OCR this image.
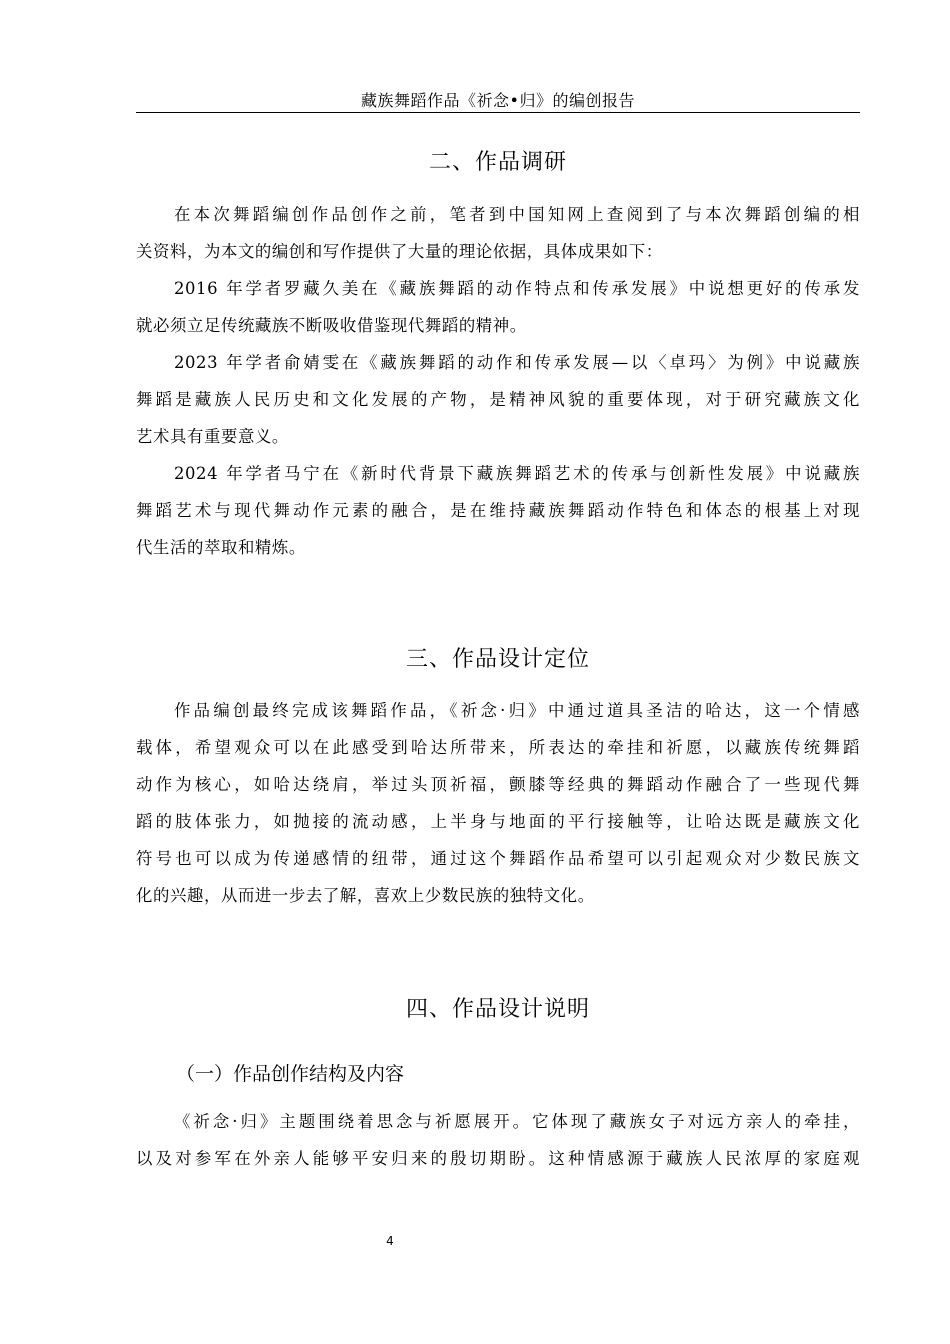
藏族舞蹈作品《祈念•归》的编创报告
二、作品调研
在本次舞蹈编创作品创作之前，笔者到中国知网上查阅到了与本次舞蹈创编的相
关资料，为本文的编创和写作提供了大量的理论依据，具体成果如下：
2016 年学者罗藏久美在《藏族舞蹈的动作特点和传承发展》中说想更好的传承发
就必须立足传统藏族不断吸收借鉴现代舞蹈的精神。
2023 年学者俞婧雯在《藏族舞蹈的动作和传承发展—以〈卓玛〉为例》中说藏族
舞蹈是藏族人民历史和文化发展的产物，是精神风貌的重要体现，对于研究藏族文化
艺术具有重要意义。
2024 年学者马宁在《新时代背景下藏族舞蹈艺术的传承与创新性发展》中说藏族
舞蹈艺术与现代舞动作元素的融合，是在维持藏族舞蹈动作特色和体态的根基上对现
代生活的萃取和精炼。
三、作品设计定位
作品编创最终完成该舞蹈作品，《祈念·归》中通过道具圣洁的哈达，这一个情感
载体，希望观众可以在此感受到哈达所带来，所表达的牵挂和祈愿，以藏族传统舞蹈
动作为核心，如哈达绕肩，举过头顶祈福，颤膝等经典的舞蹈动作融合了一些现代舞
蹈的肢体张力，如抛接的流动感，上半身与地面的平行接触等，让哈达既是藏族文化
符号也可以成为传递感情的纽带，通过这个舞蹈作品希望可以引起观众对少数民族文
化的兴趣，从而进一步去了解，喜欢上少数民族的独特文化。
四、作品设计说明
（一）作品创作结构及内容
《祈念·归》主题围绕着思念与祈愿展开。它体现了藏族女子对远方亲人的牵挂，
以及对参军在外亲人能够平安归来的殷切期盼。这种情感源于藏族人民浓厚的家庭观
4
